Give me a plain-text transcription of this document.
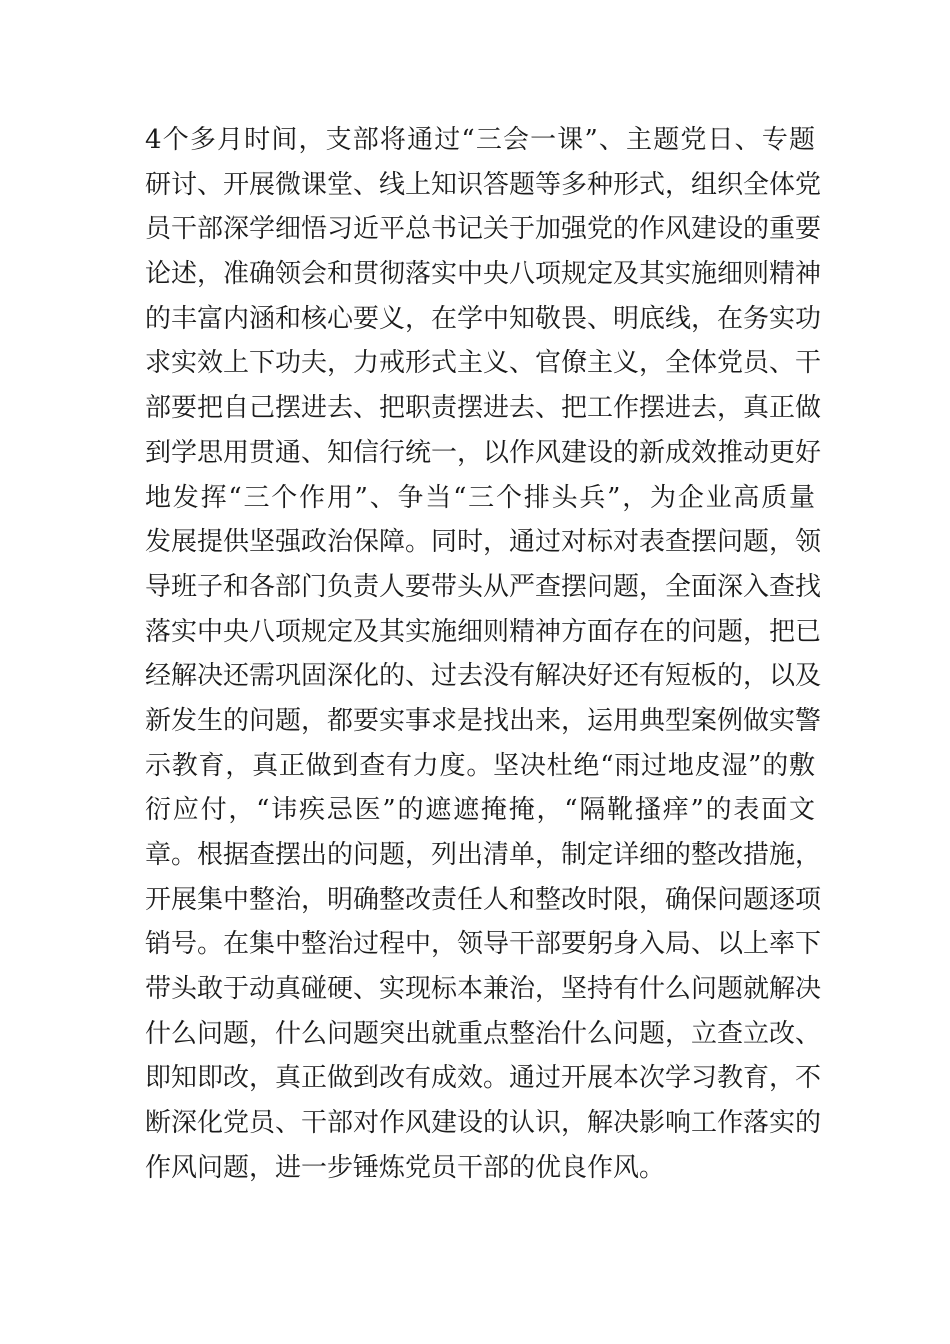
4个多月时间，支部将通过“三会一课”、主题党日、专题
研讨、开展微课堂、线上知识答题等多种形式，组织全体党
员干部深学细悟习近平总书记关于加强党的作风建设的重要
论述，准确领会和贯彻落实中央八项规定及其实施细则精神
的丰富内涵和核心要义，在学中知敬畏、明底线，在务实功
求实效上下功夫，力戒形式主义、官僚主义，全体党员、干
部要把自己摆进去、把职责摆进去、把工作摆进去，真正做
到学思用贯通、知信行统一，以作风建设的新成效推动更好
地发挥“三个作用”、争当“三个排头兵”，为企业高质量
发展提供坚强政治保障。同时，通过对标对表查摆问题，领
导班子和各部门负责人要带头从严查摆问题，全面深入查找
落实中央八项规定及其实施细则精神方面存在的问题，把已
经解决还需巩固深化的、过去没有解决好还有短板的，以及
新发生的问题，都要实事求是找出来，运用典型案例做实警
示教育，真正做到查有力度。坚决杜绝“雨过地皮湿”的敷
衍应付，“讳疾忌医”的遮遮掩掩，“隔靴搔痒”的表面文
章。根据查摆出的问题，列出清单，制定详细的整改措施，
开展集中整治，明确整改责任人和整改时限，确保问题逐项
销号。在集中整治过程中，领导干部要躬身入局、以上率下
带头敢于动真碰硬、实现标本兼治，坚持有什么问题就解决
什么问题，什么问题突出就重点整治什么问题，立查立改、
即知即改，真正做到改有成效。通过开展本次学习教育，不
断深化党员、干部对作风建设的认识，解决影响工作落实的
作风问题，进一步锤炼党员干部的优良作风。
